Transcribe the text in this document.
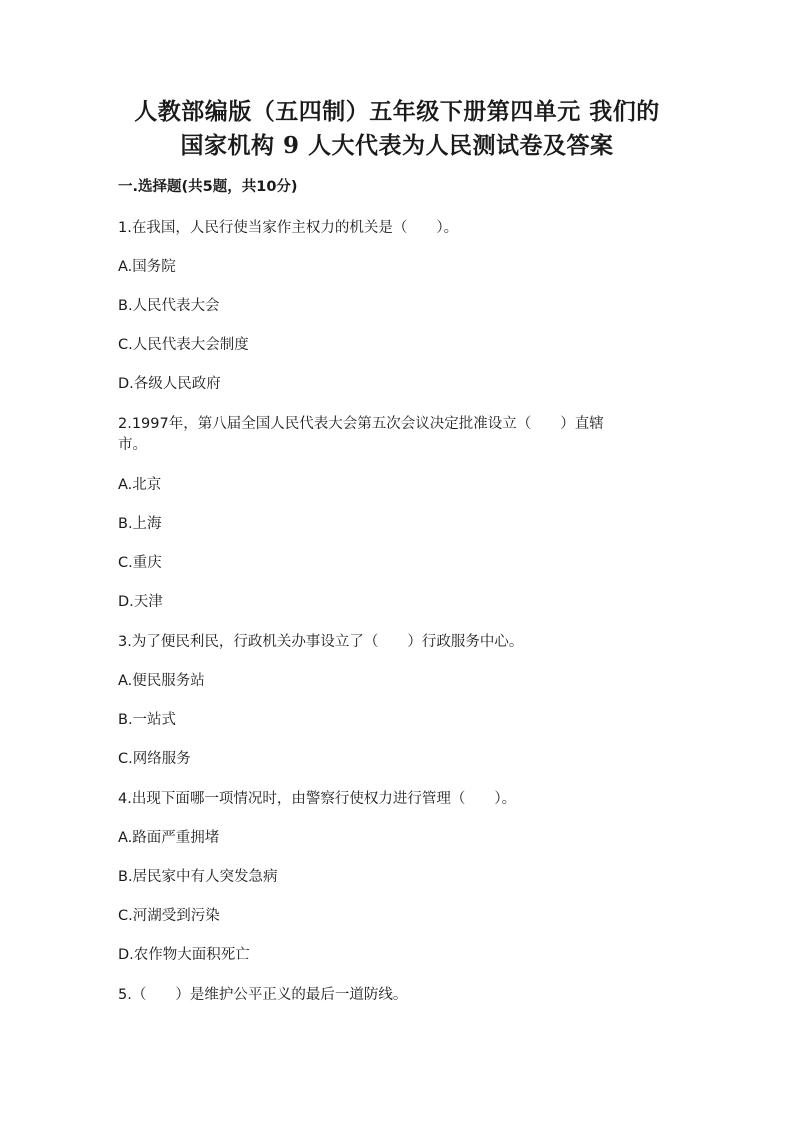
人教部编版（五四制）五年级下册第四单元 我们的
国家机构 9 人大代表为人民测试卷及答案
一.选择题(共5题，共10分)
1.在我国，人民行使当家作主权力的机关是（　　）。
A.国务院
B.人民代表大会
C.人民代表大会制度
D.各级人民政府
2.1997年，第八届全国人民代表大会第五次会议决定批准设立（　　）直辖
市。
A.北京
B.上海
C.重庆
D.天津
3.为了便民利民，行政机关办事设立了（　　）行政服务中心。
A.便民服务站
B.一站式
C.网络服务
4.出现下面哪一项情况时，由警察行使权力进行管理（　　）。
A.路面严重拥堵
B.居民家中有人突发急病
C.河湖受到污染
D.农作物大面积死亡
5.（　　）是维护公平正义的最后一道防线。
